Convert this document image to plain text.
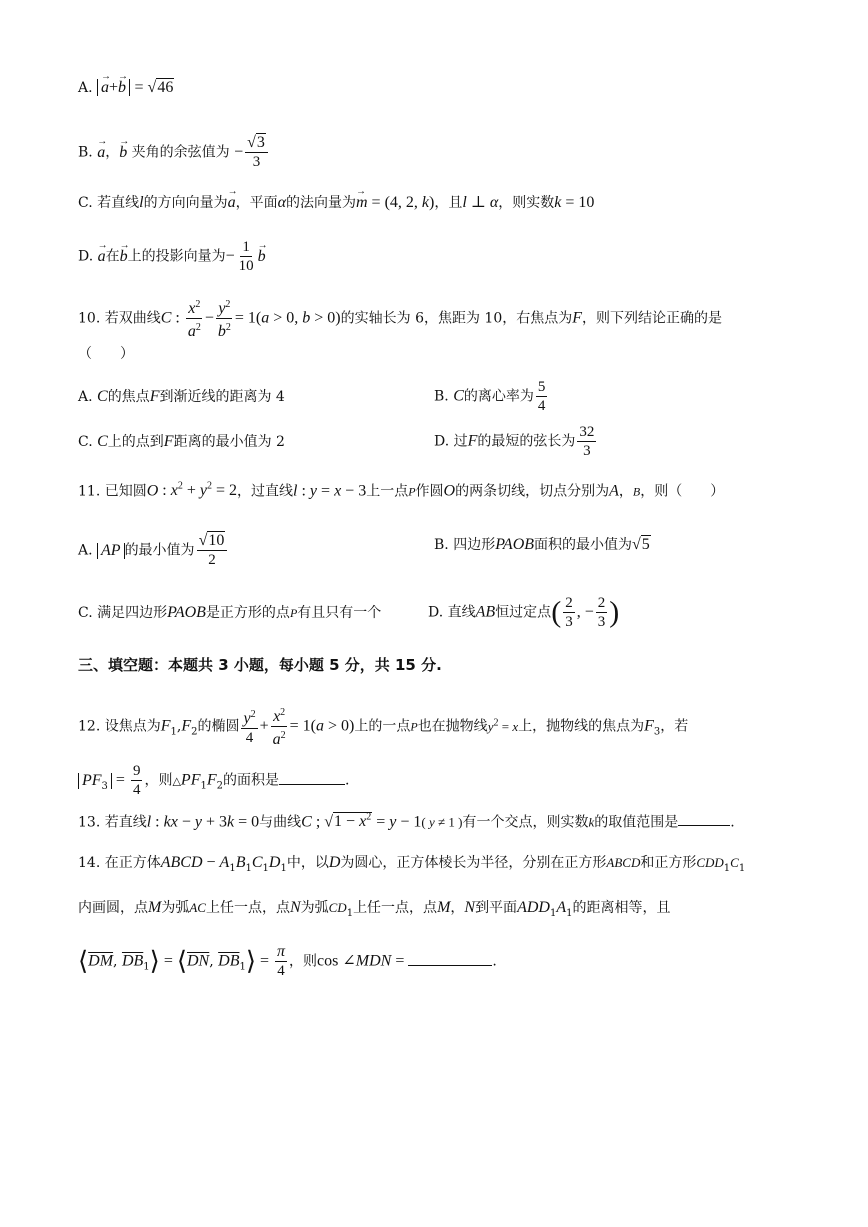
A. → a+→ b = √46
B. → a，→ b 夹角的余弦值为 − $\frac{√3}{3}$
C. 若直线l的方向向量为→ a，平面α的法向量为→ m = (4, 2, k)，且l ⊥ α，则实数k = 10
D. → a在→ b上的投影向量为− $\frac{1}{10} \to b$
10. 若双曲线C : $\frac{x^2}{a^2} - \frac{y^2}{b^2} = 1(a > 0$, b > 0)的实轴长为 6，焦距为 10，右焦点为F，则下列结论正确的是
（　　）
A. C的焦点F到渐近线的距离为 4	B. C的离心率为 $\frac{5}{4}$
C. C上的点到F距离的最小值为 2	D. 过F的最短的弦长为 $\frac{32}{3}$
11. 已知圆O : $x^2 + y^2 = 2$，过直线l : y = x − 3上一点P作圆O的两条切线，切点分别为A，B，则（　　）
A. AP 的最小值为 $\frac{√10}{2}$	B. 四边形PAOB面积的最小值为√5
C. 满足四边形PAOB是正方形的点P有且只有一个	D. 直线AB恒过定点( $\frac{2}{3}$ , − $\frac{2}{3}$ )
三、填空题：本题共 3 小题，每小题 5 分，共 15 分.
12. 设焦点为$F_1,F_2$的椭圆 $\frac{y^2}{4} + \frac{x^2}{a^2} = 1(a > 0)$上的一点P也在抛物线$y^2 = x$上，抛物线的焦点为$F_3$，若
$PF_3 = \frac{9}{4}$ ，则$\triangle PF_1F_2$的面积是	.
13. 若直线l : kx − y + 3k = 0与曲线C ; $√1 - x^2 = y - 1$( y ≠ 1 )有一个交点，则实数k的取值范围是	.
14. 在正方体ABCD − $A_1B_1C_1D_1$中，以D为圆心，正方体棱长为半径，分别在正方形ABCD和正方形$CDD_1C_1$
内画圆，点M为弧AC上任一点，点N为弧$CD_1$上任一点，点M，N到平面$ADD_1A_1$的距离相等，且
$⟨\overline{DM}$, $\overline{DB}_1⟩$ = $⟨\overline{DN}$, $\overline{DB}_1⟩ = \frac{\pi}{4}$ ，则cos ∠MDN =	.
